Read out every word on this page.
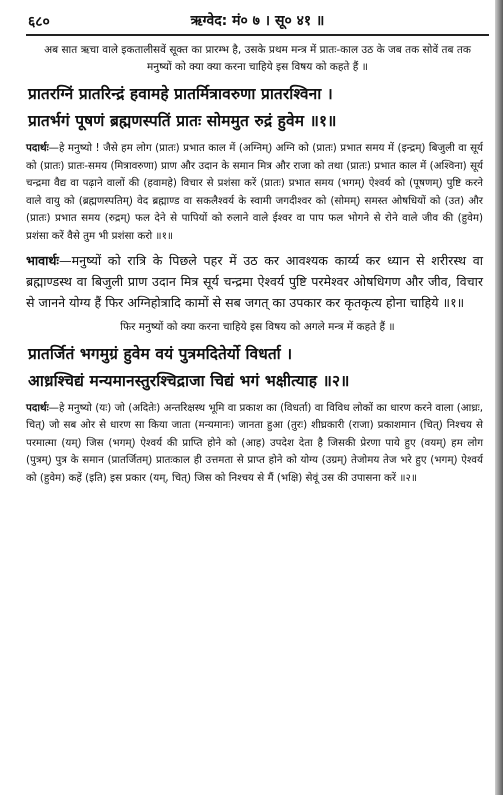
६८०	ऋग्वेद: मं० ७ । सू० ४१ ॥

अब सात ऋचा वाले इकतालीसवें सूक्त का प्रारम्भ है, उसके प्रथम मन्त्र में प्रातः-काल उठ के जब तक सोवें तब तक मनुष्यों को क्या क्या करना चाहिये इस विषय को कहते हैं ॥

प्रातरग्निं प्रातरिन्द्रं हवामहे प्रातर्मित्रावरुणा प्रातरश्विना ।
प्रातर्भगं पूषणं ब्रह्मणस्पतिं प्रातः सोममुत रुद्रं हुवेम ॥१॥

पदार्थः—हे मनुष्यो ! जैसे हम लोग (प्रातः) प्रभात काल में (अग्निम्) अग्नि को (प्रातः) प्रभात समय में (इन्द्रम्) बिजुली वा सूर्य को (प्रातः) प्रातः-समय (मित्रावरुणा) प्राण और उदान के समान मित्र और राजा को तथा (प्रातः) प्रभात काल में (अश्विना) सूर्य चन्द्रमा वैद्य वा पढ़ाने वालों की (हवामहे) विचार से प्रशंसा करें (प्रातः) प्रभात समय (भगम्) ऐश्वर्य को (पूषणम्) पुष्टि करने वाले वायु को (ब्रह्मणस्पतिम्) वेद ब्रह्माण्ड वा सकलैश्वर्य के स्वामी जगदीश्वर को (सोमम्) समस्त ओषधियों को (उत) और (प्रातः) प्रभात समय (रुद्रम्) फल देने से पापियों को रुलाने वाले ईश्वर वा पाप फल भोगने से रोने वाले जीव की (हुवेम) प्रशंसा करें वैसे तुम भी प्रशंसा करो ॥१॥

भावार्थः—मनुष्यों को रात्रि के पिछले पहर में उठ कर आवश्यक कार्य्य कर ध्यान से शरीरस्थ वा ब्रह्माण्डस्थ वा बिजुली प्राण उदान मित्र सूर्य चन्द्रमा ऐश्वर्य पुष्टि परमेश्वर ओषधिगण और जीव, विचार से जानने योग्य हैं फिर अग्निहोत्रादि कामों से सब जगत् का उपकार कर कृतकृत्य होना चाहिये ॥१॥

फिर मनुष्यों को क्या करना चाहिये इस विषय को अगले मन्त्र में कहते हैं ॥

प्रातर्जितं भगमुग्रं हुवेम वयं पुत्रमदितेर्यो विधर्ता ।
आध्रश्चिद्यं मन्यमानस्तुरश्चिद्राजा चिद्यं भगं भक्षीत्याह ॥२॥

पदार्थः—हे मनुष्यो (यः) जो (अदितेः) अन्तरिक्षस्थ भूमि वा प्रकाश का (विधर्ता) वा विविध लोकों का धारण करने वाला (आध्रः, चित्) जो सब ओर से धारण सा किया जाता (मन्यमानः) जानता हुआ (तुरः) शीघ्रकारी (राजा) प्रकाशमान (चित्) निश्चय से परमात्मा (यम्) जिस (भगम्) ऐश्वर्य की प्राप्ति होने को (आह) उपदेश देता है जिसकी प्रेरणा पाये हुए (वयम्) हम लोग (पुत्रम्) पुत्र के समान (प्रातर्जितम्) प्रातःकाल ही उत्तमता से प्राप्त होने को योग्य (उग्रम्) तेजोमय तेज भरे हुए (भगम्) ऐश्वर्य को (हुवेम) कहें (इति) इस प्रकार (यम्, चित्) जिस को निश्चय से मैं (भक्षि) सेवूं उस की उपासना करें ॥२॥
